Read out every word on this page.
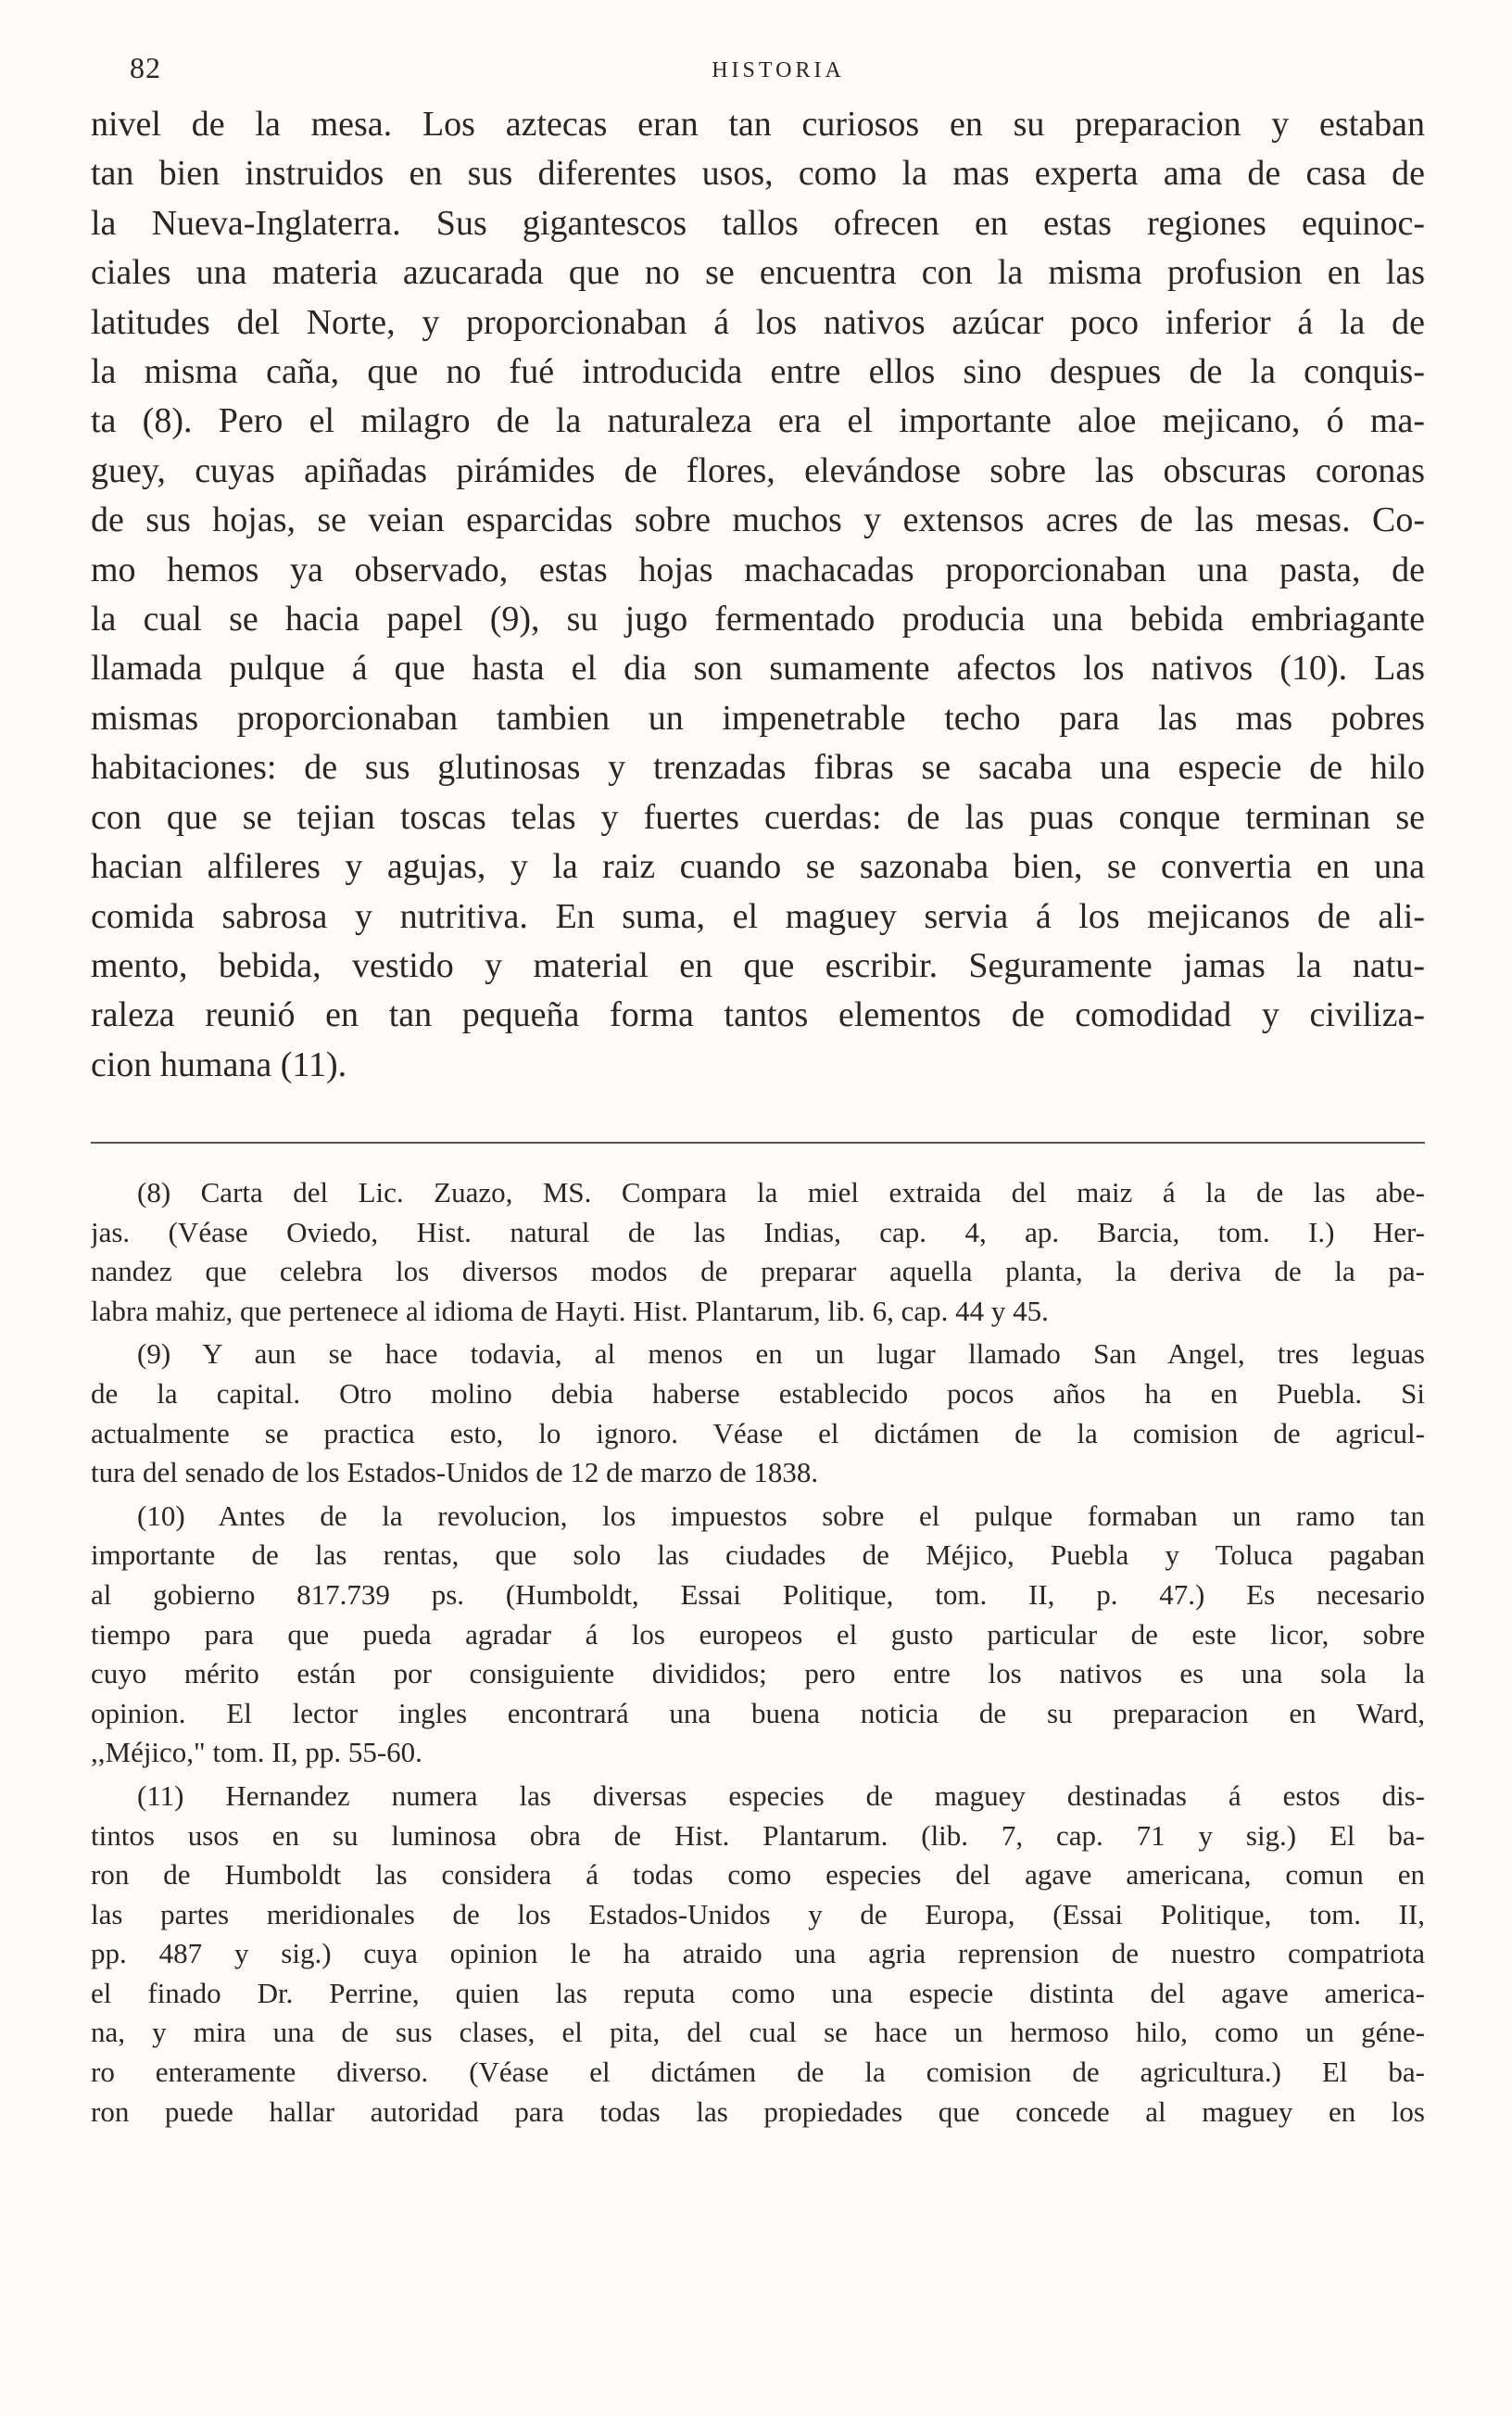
82	HISTORIA
nivel de la mesa. Los aztecas eran tan curiosos en su preparacion y estaban
tan bien instruidos en sus diferentes usos, como la mas experta ama de casa de
la Nueva-Inglaterra. Sus gigantescos tallos ofrecen en estas regiones equinoc-
ciales una materia azucarada que no se encuentra con la misma profusion en las
latitudes del Norte, y proporcionaban á los nativos azúcar poco inferior á la de
la misma caña, que no fué introducida entre ellos sino despues de la conquis-
ta (8). Pero el milagro de la naturaleza era el importante aloe mejicano, ó ma-
guey, cuyas apiñadas pirámides de flores, elevándose sobre las obscuras coronas
de sus hojas, se veian esparcidas sobre muchos y extensos acres de las mesas. Co-
mo hemos ya observado, estas hojas machacadas proporcionaban una pasta, de
la cual se hacia papel (9), su jugo fermentado producia una bebida embriagante
llamada pulque á que hasta el dia son sumamente afectos los nativos (10). Las
mismas proporcionaban tambien un impenetrable techo para las mas pobres
habitaciones: de sus glutinosas y trenzadas fibras se sacaba una especie de hilo
con que se tejian toscas telas y fuertes cuerdas: de las puas conque terminan se
hacian alfileres y agujas, y la raiz cuando se sazonaba bien, se convertia en una
comida sabrosa y nutritiva. En suma, el maguey servia á los mejicanos de ali-
mento, bebida, vestido y material en que escribir. Seguramente jamas la natu-
raleza reunió en tan pequeña forma tantos elementos de comodidad y civiliza-
cion humana (11).
(8) Carta del Lic. Zuazo, MS. Compara la miel extraida del maiz á la de las abe-
jas. (Véase Oviedo, Hist. natural de las Indias, cap. 4, ap. Barcia, tom. I.) Her-
nandez que celebra los diversos modos de preparar aquella planta, la deriva de la pa-
labra mahiz, que pertenece al idioma de Hayti. Hist. Plantarum, lib. 6, cap. 44 y 45.
(9) Y aun se hace todavia, al menos en un lugar llamado San Angel, tres leguas
de la capital. Otro molino debia haberse establecido pocos años ha en Puebla. Si
actualmente se practica esto, lo ignoro. Véase el dictámen de la comision de agricul-
tura del senado de los Estados-Unidos de 12 de marzo de 1838.
(10) Antes de la revolucion, los impuestos sobre el pulque formaban un ramo tan
importante de las rentas, que solo las ciudades de Méjico, Puebla y Toluca pagaban
al gobierno 817.739 ps. (Humboldt, Essai Politique, tom. II, p. 47.) Es necesario
tiempo para que pueda agradar á los europeos el gusto particular de este licor, sobre
cuyo mérito están por consiguiente divididos; pero entre los nativos es una sola la
opinion. El lector ingles encontrará una buena noticia de su preparacion en Ward,
,,Méjico," tom. II, pp. 55-60.
(11) Hernandez numera las diversas especies de maguey destinadas á estos dis-
tintos usos en su luminosa obra de Hist. Plantarum. (lib. 7, cap. 71 y sig.) El ba-
ron de Humboldt las considera á todas como especies del agave americana, comun en
las partes meridionales de los Estados-Unidos y de Europa, (Essai Politique, tom. II,
pp. 487 y sig.) cuya opinion le ha atraido una agria reprension de nuestro compatriota
el finado Dr. Perrine, quien las reputa como una especie distinta del agave america-
na, y mira una de sus clases, el pita, del cual se hace un hermoso hilo, como un géne-
ro enteramente diverso. (Véase el dictámen de la comision de agricultura.) El ba-
ron puede hallar autoridad para todas las propiedades que concede al maguey en los
